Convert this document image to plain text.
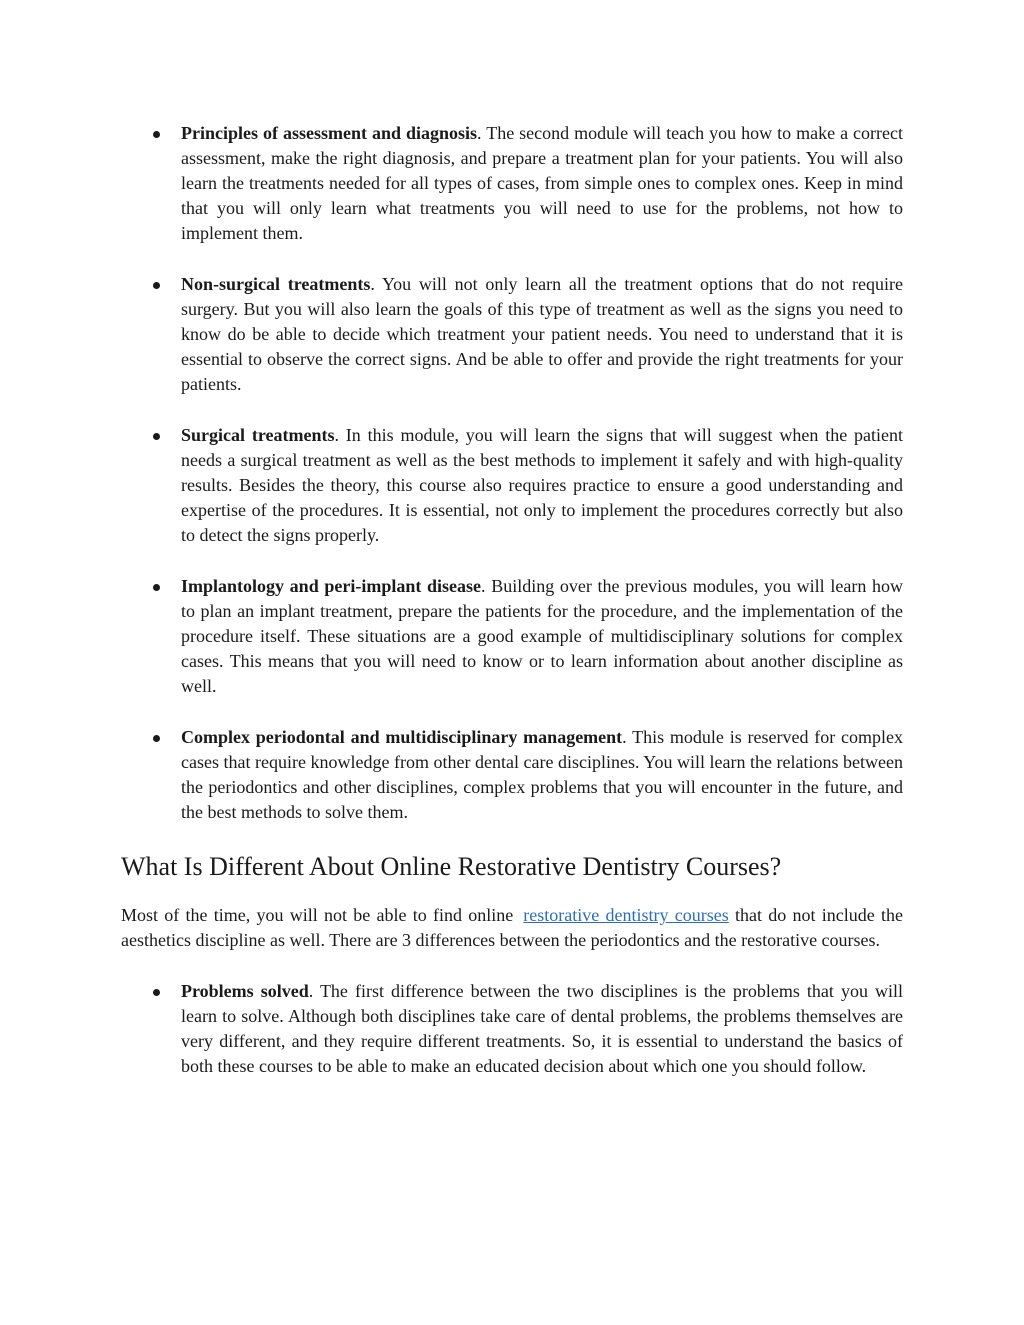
Principles of assessment and diagnosis. The second module will teach you how to make a correct assessment, make the right diagnosis, and prepare a treatment plan for your patients. You will also learn the treatments needed for all types of cases, from simple ones to complex ones. Keep in mind that you will only learn what treatments you will need to use for the problems, not how to implement them.
Non-surgical treatments. You will not only learn all the treatment options that do not require surgery. But you will also learn the goals of this type of treatment as well as the signs you need to know do be able to decide which treatment your patient needs. You need to understand that it is essential to observe the correct signs. And be able to offer and provide the right treatments for your patients.
Surgical treatments. In this module, you will learn the signs that will suggest when the patient needs a surgical treatment as well as the best methods to implement it safely and with high-quality results. Besides the theory, this course also requires practice to ensure a good understanding and expertise of the procedures. It is essential, not only to implement the procedures correctly but also to detect the signs properly.
Implantology and peri-implant disease. Building over the previous modules, you will learn how to plan an implant treatment, prepare the patients for the procedure, and the implementation of the procedure itself. These situations are a good example of multidisciplinary solutions for complex cases. This means that you will need to know or to learn information about another discipline as well.
Complex periodontal and multidisciplinary management. This module is reserved for complex cases that require knowledge from other dental care disciplines. You will learn the relations between the periodontics and other disciplines, complex problems that you will encounter in the future, and the best methods to solve them.
What Is Different About Online Restorative Dentistry Courses?

Most of the time, you will not be able to find online restorative dentistry courses that do not include the aesthetics discipline as well. There are 3 differences between the periodontics and the restorative courses.

Problems solved. The first difference between the two disciplines is the problems that you will learn to solve. Although both disciplines take care of dental problems, the problems themselves are very different, and they require different treatments. So, it is essential to understand the basics of both these courses to be able to make an educated decision about which one you should follow.
